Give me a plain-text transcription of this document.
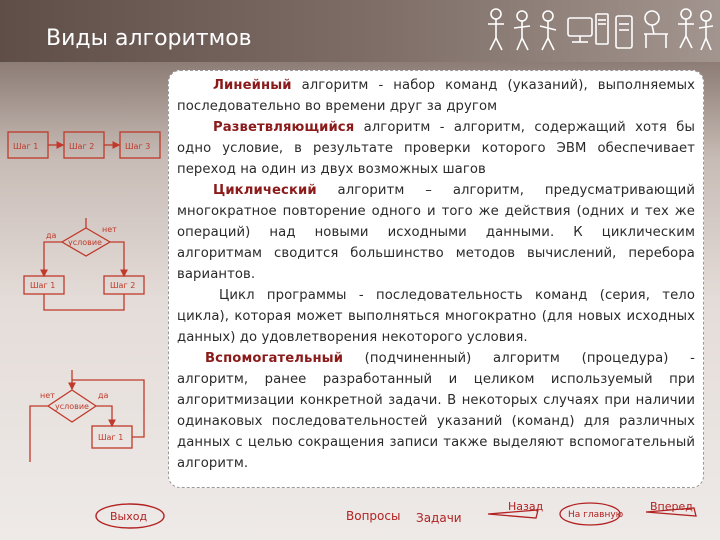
Виды алгоритмов

Линейный алгоритм - набор команд (указаний), выполняемых последовательно во времени друг за другом

Разветвляющийся алгоритм - алгоритм, содержащий хотя бы одно условие, в результате проверки которого ЭВМ обеспечивает переход на один из двух возможных шагов

Циклический алгоритм – алгоритм, предусматривающий многократное повторение одного и того же действия (одних и тех же операций) над новыми исходными данными. К циклическим алгоритмам сводится большинство методов вычислений, перебора вариантов.

Цикл программы - последовательность команд (серия, тело цикла), которая может выполняться многократно (для новых исходных данных) до удовлетворения некоторого условия.

Вспомогательный (подчиненный) алгоритм (процедура) - алгоритм, ранее разработанный и целиком используемый при алгоритмизации конкретной задачи. В некоторых случаях при наличии одинаковых последовательностей указаний (команд) для различных данных с целью сокращения записи также выделяют вспомогательный алгоритм.

Шаг 1	Шаг 2	Шаг 3
да
нет
условие
Шаг 1	Шаг 2
нет	да
условие
Шаг 1
Выход	Вопросы Задачи
Назад
На главную
Вперед
